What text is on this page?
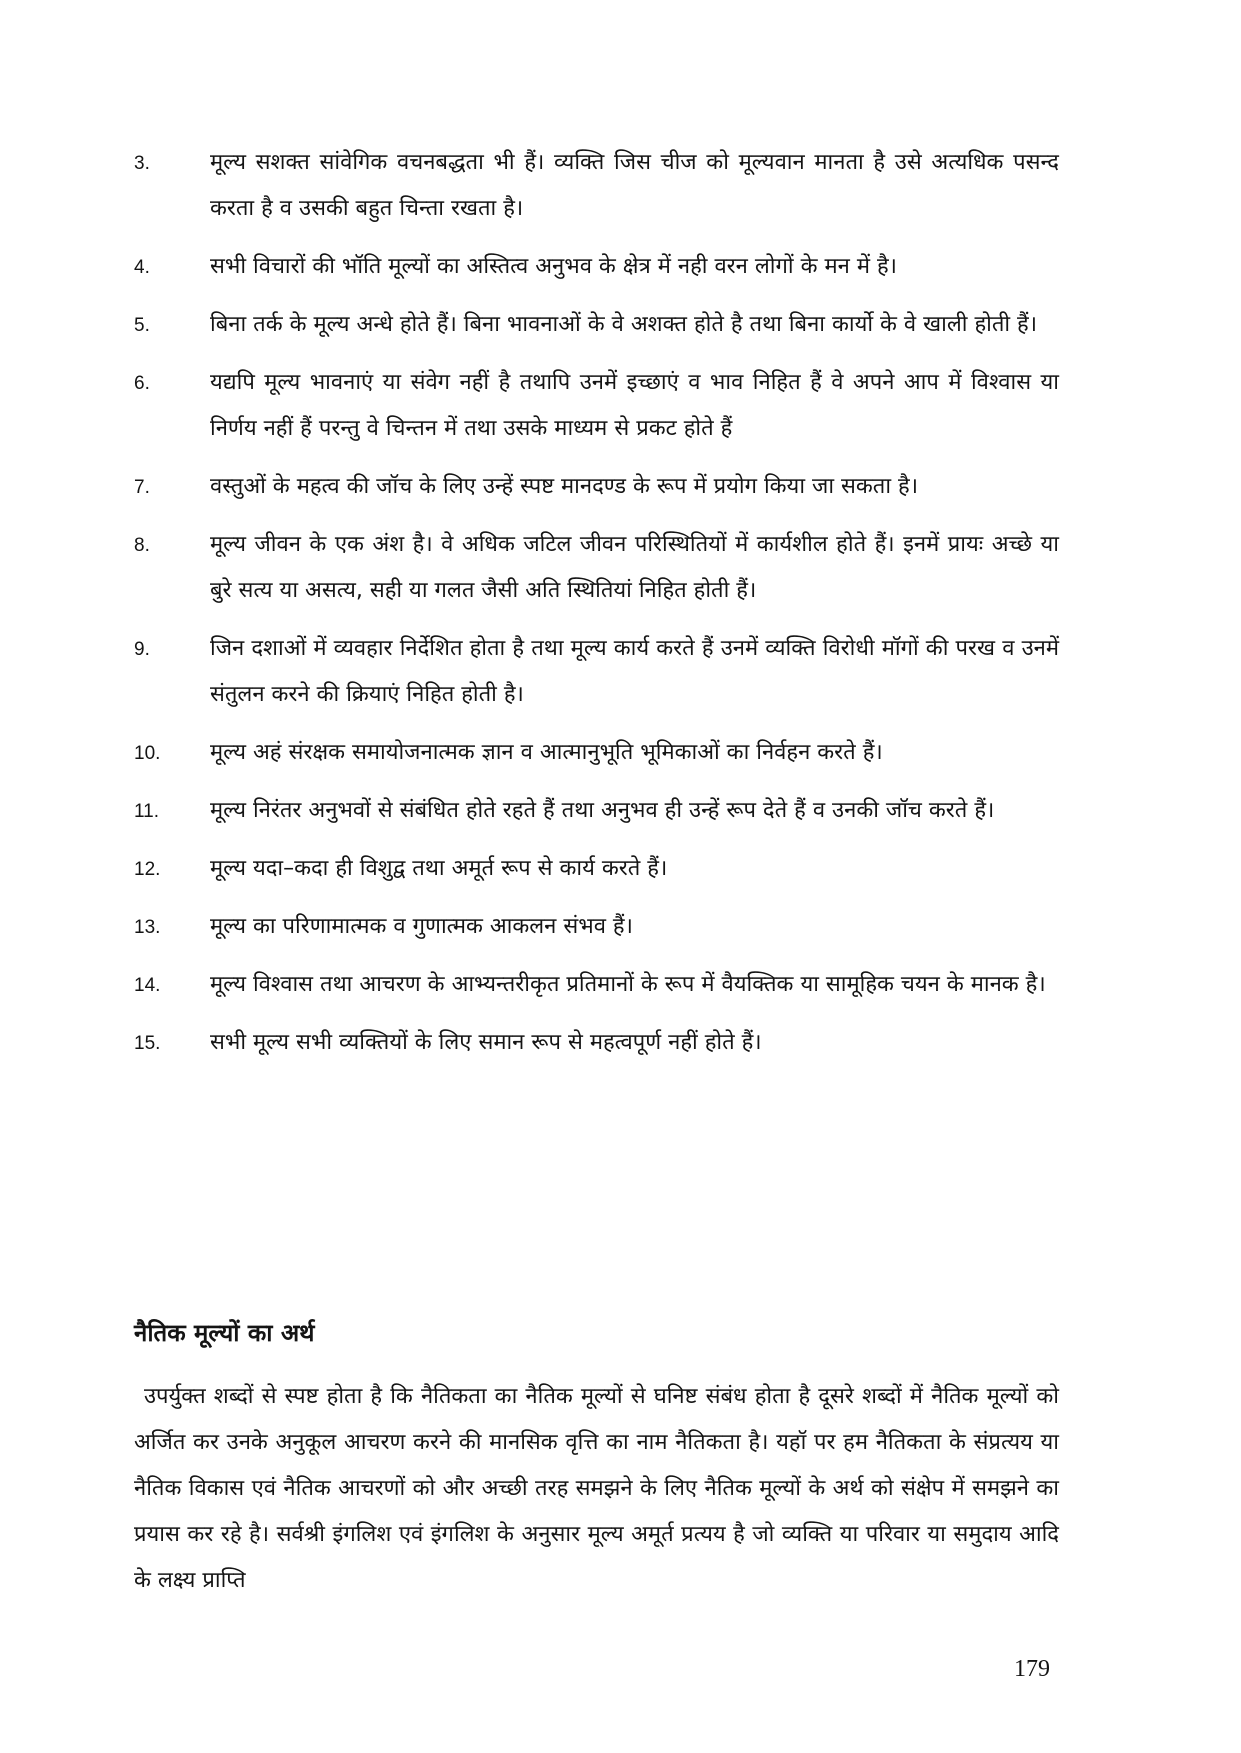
3.	मूल्य सशक्त सांवेगिक वचनबद्धता भी हैं। व्यक्ति जिस चीज को मूल्यवान मानता है उसे अत्यधिक पसन्द करता है व उसकी बहुत चिन्ता रखता है।
4.	सभी विचारों की भॉति मूल्यों का अस्तित्व अनुभव के क्षेत्र में नही वरन लोगों के मन में है।
5.	बिना तर्क के मूल्य अन्धे होते हैं। बिना भावनाओं के वे अशक्त होते है तथा बिना कार्यो के वे खाली होती हैं।
6.	यद्यपि मूल्य भावनाएं या संवेग नहीं है तथापि उनमें इच्छाएं व भाव निहित हैं वे अपने आप में विश्वास या निर्णय नहीं हैं परन्तु वे चिन्तन में तथा उसके माध्यम से प्रकट होते हैं
7.	वस्तुओं के महत्व की जॉच के लिए उन्हें स्पष्ट मानदण्ड के रूप में प्रयोग किया जा सकता है।
8.	मूल्य जीवन के एक अंश है। वे अधिक जटिल जीवन परिस्थितियों में कार्यशील होते हैं। इनमें प्रायः अच्छे या बुरे सत्य या असत्य, सही या गलत जैसी अति स्थितियां निहित होती हैं।
9.	जिन दशाओं में व्यवहार निर्देशित होता है तथा मूल्य कार्य करते हैं उनमें व्यक्ति विरोधी मॉगों की परख व उनमें संतुलन करने की क्रियाएं निहित होती है।
10.	मूल्य अहं संरक्षक समायोजनात्मक ज्ञान व आत्मानुभूति भूमिकाओं का निर्वहन करते हैं।
11.	मूल्य निरंतर अनुभवों से संबंधित होते रहते हैं तथा अनुभव ही उन्हें रूप देते हैं व उनकी जॉच करते हैं।
12.	मूल्य यदा–कदा ही विशुद्व तथा अमूर्त रूप से कार्य करते हैं।
13.	मूल्य का परिणामात्मक व गुणात्मक आकलन संभव हैं।
14.	मूल्य विश्वास तथा आचरण के आभ्यन्तरीकृत प्रतिमानों के रूप में वैयक्तिक या सामूहिक चयन के मानक है।
15.	सभी मूल्य सभी व्यक्तियों के लिए समान रूप से महत्वपूर्ण नहीं होते हैं।
नैतिक मूल्यों का अर्थ
उपर्युक्त शब्दों से स्पष्ट होता है कि नैतिकता का नैतिक मूल्यों से घनिष्ट संबंध होता है दूसरे शब्दों में नैतिक मूल्यों को अर्जित कर उनके अनुकूल आचरण करने की मानसिक वृत्ति का नाम नैतिकता है। यहॉ पर हम नैतिकता के संप्रत्यय या नैतिक विकास एवं नैतिक आचरणों को और अच्छी तरह समझने के लिए नैतिक मूल्यों के अर्थ को संक्षेप में समझने का प्रयास कर रहे है। सर्वश्री इंगलिश एवं इंगलिश के अनुसार मूल्य अमूर्त प्रत्यय है जो व्यक्ति या परिवार या समुदाय आदि के लक्ष्य प्राप्ति
179
